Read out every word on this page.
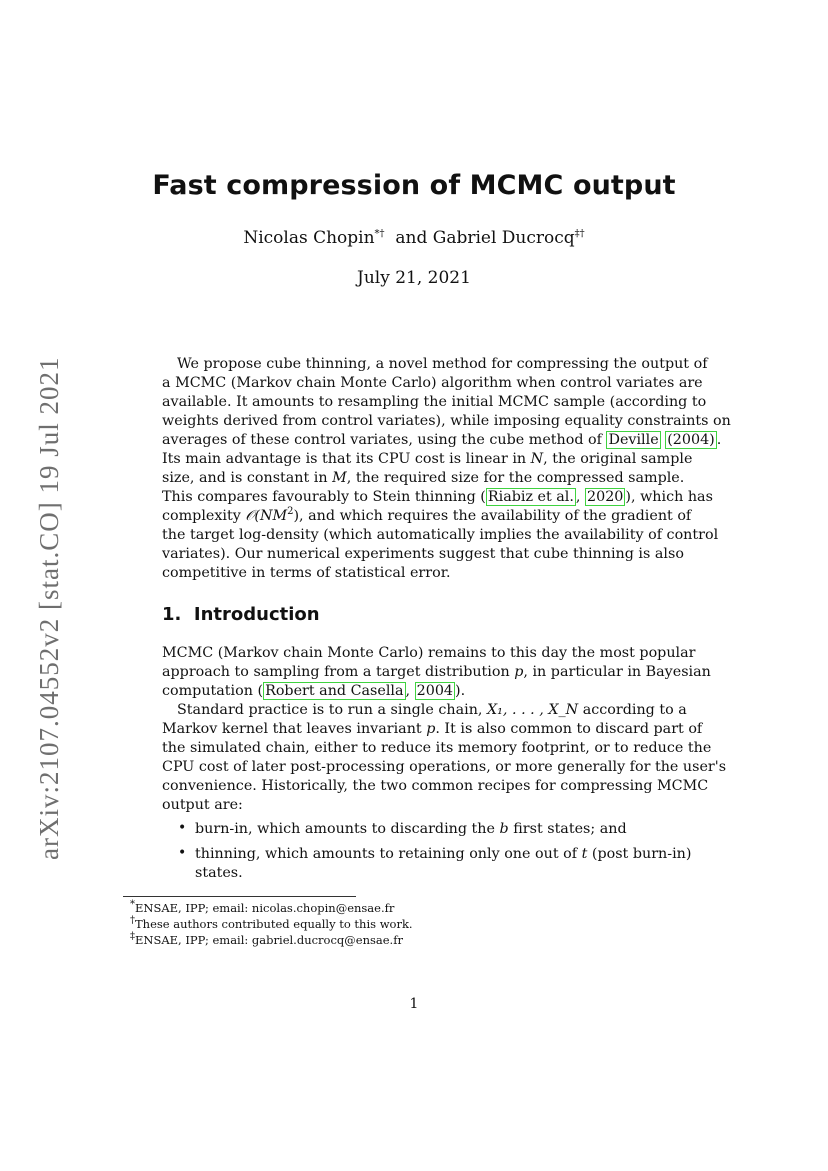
arXiv:2107.04552v2 [stat.CO] 19 Jul 2021
Fast compression of MCMC output
Nicolas Chopin*† and Gabriel Ducrocq‡†
July 21, 2021
We propose cube thinning, a novel method for compressing the output of
a MCMC (Markov chain Monte Carlo) algorithm when control variates are
available. It amounts to resampling the initial MCMC sample (according to
weights derived from control variates), while imposing equality constraints on
averages of these control variates, using the cube method of Deville (2004) .
Its main advantage is that its CPU cost is linear in N, the original sample
size, and is constant in M, the required size for the compressed sample.
This compares favourably to Stein thinning ( Riabiz et al. , 2020 ), which has
complexity $𝒪(NM^2)$, and which requires the availability of the gradient of
the target log-density (which automatically implies the availability of control
variates). Our numerical experiments suggest that cube thinning is also
competitive in terms of statistical error.
1. Introduction
MCMC (Markov chain Monte Carlo) remains to this day the most popular
approach to sampling from a target distribution p, in particular in Bayesian
computation ( Robert and Casella , 2004 ).
Standard practice is to run a single chain, X₁, . . . , X_N according to a
Markov kernel that leaves invariant p. It is also common to discard part of
the simulated chain, either to reduce its memory footprint, or to reduce the
CPU cost of later post-processing operations, or more generally for the user's
convenience. Historically, the two common recipes for compressing MCMC
output are:
• burn-in, which amounts to discarding the b first states; and
• thinning, which amounts to retaining only one out of t (post burn-in)
states.
*ENSAE, IPP; email: nicolas.chopin@ensae.fr
†These authors contributed equally to this work.
‡ENSAE, IPP; email: gabriel.ducrocq@ensae.fr
1
